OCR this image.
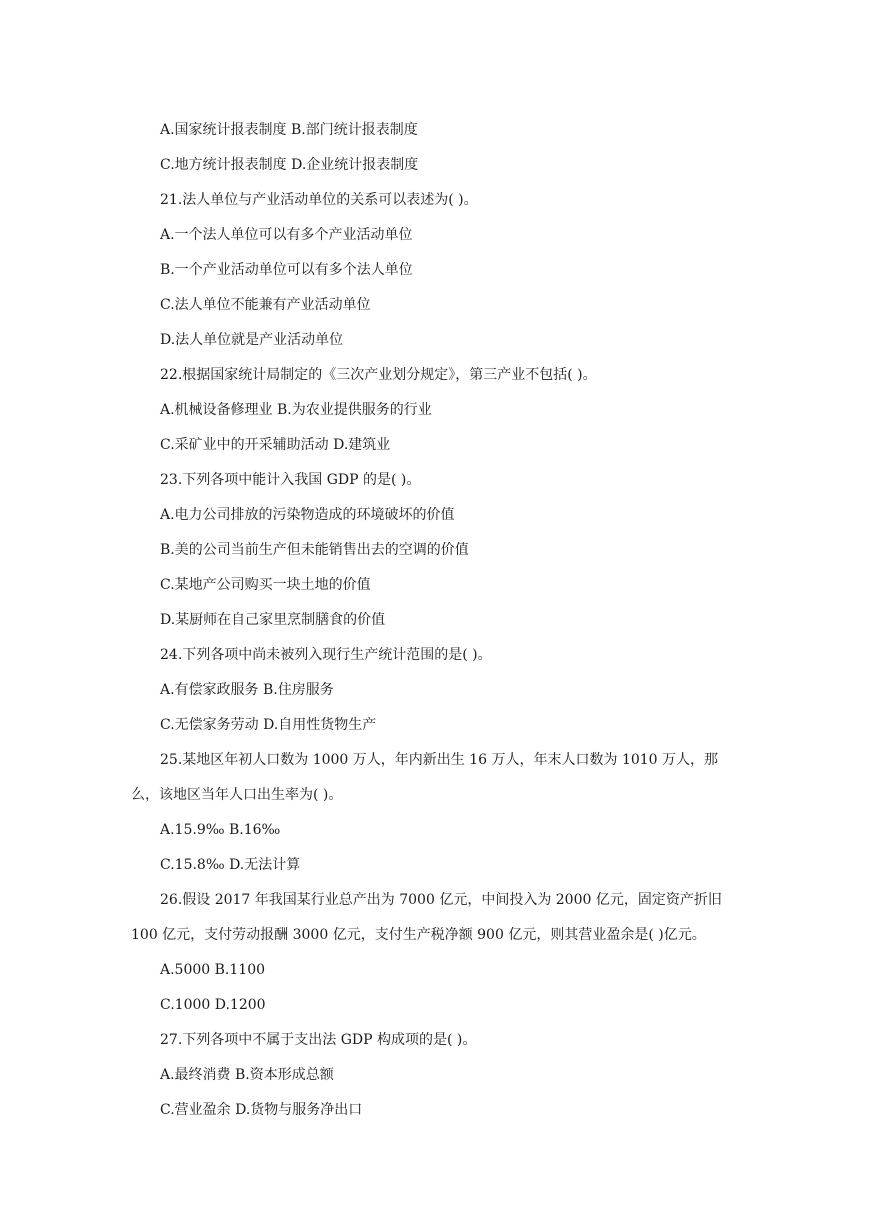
A.国家统计报表制度 B.部门统计报表制度
C.地方统计报表制度 D.企业统计报表制度
21.法人单位与产业活动单位的关系可以表述为( )。
A.一个法人单位可以有多个产业活动单位
B.一个产业活动单位可以有多个法人单位
C.法人单位不能兼有产业活动单位
D.法人单位就是产业活动单位
22.根据国家统计局制定的《三次产业划分规定》，第三产业不包括( )。
A.机械设备修理业 B.为农业提供服务的行业
C.采矿业中的开采辅助活动 D.建筑业
23.下列各项中能计入我国 GDP 的是( )。
A.电力公司排放的污染物造成的环境破坏的价值
B.美的公司当前生产但未能销售出去的空调的价值
C.某地产公司购买一块土地的价值
D.某厨师在自己家里烹制膳食的价值
24.下列各项中尚未被列入现行生产统计范围的是( )。
A.有偿家政服务 B.住房服务
C.无偿家务劳动 D.自用性货物生产
25.某地区年初人口数为 1000 万人，年内新出生 16 万人，年末人口数为 1010 万人，那
么，该地区当年人口出生率为( )。
A.15.9‰ B.16‰
C.15.8‰ D.无法计算
26.假设 2017 年我国某行业总产出为 7000 亿元，中间投入为 2000 亿元，固定资产折旧
100 亿元，支付劳动报酬 3000 亿元，支付生产税净额 900 亿元，则其营业盈余是( )亿元。
A.5000 B.1100
C.1000 D.1200
27.下列各项中不属于支出法 GDP 构成项的是( )。
A.最终消费 B.资本形成总额
C.营业盈余 D.货物与服务净出口
